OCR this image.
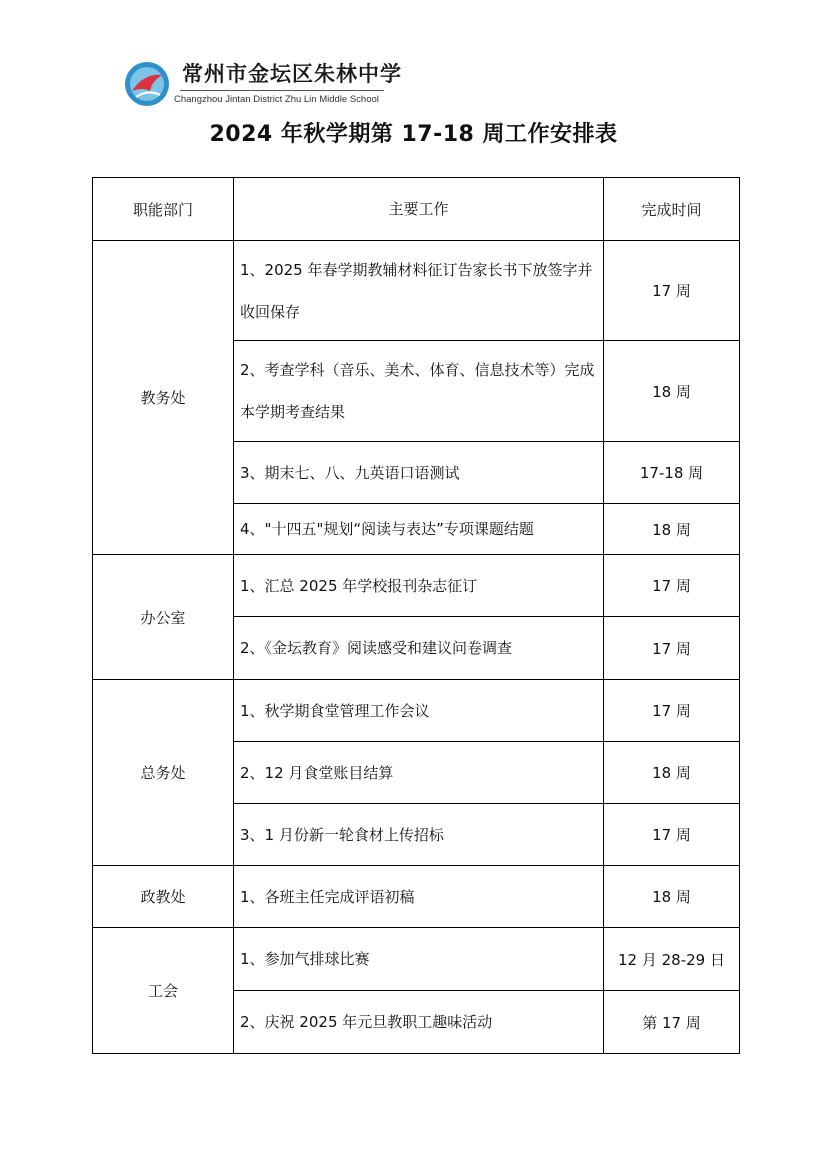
常州市金坛区朱林中学
Changzhou Jintan District Zhu Lin Middle School
2024 年秋学期第 17-18 周工作安排表
职能部门	主要工作	完成时间
教务处	1、2025 年春学期教辅材料征订告家长书下放签字并收回保存	17 周
	2、考查学科（音乐、美术、体育、信息技术等）完成本学期考查结果	18 周
	3、期末七、八、九英语口语测试	17-18 周
	4、"十四五"规划“阅读与表达”专项课题结题	18 周
办公室	1、汇总 2025 年学校报刊杂志征订	17 周
	2、《金坛教育》阅读感受和建议问卷调查	17 周
总务处	1、秋学期食堂管理工作会议	17 周
	2、12 月食堂账目结算	18 周
	3、1 月份新一轮食材上传招标	17 周
政教处	1、各班主任完成评语初稿	18 周
工会	1、参加气排球比赛	12 月 28-29 日
	2、庆祝 2025 年元旦教职工趣味活动	第 17 周
